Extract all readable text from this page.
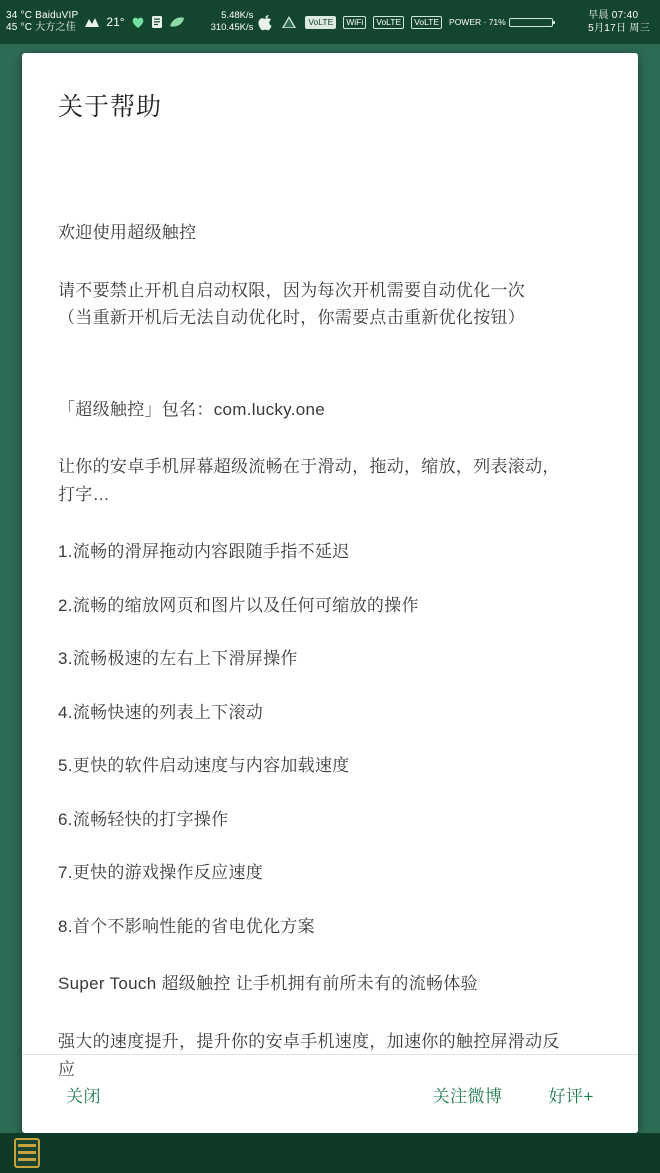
34 °C BaiduVIP
45 °C 大方之佳	21°	5.48K/s
310.45K/s
VoLTE	WiFi	VoLTE	VoLTE	POWER · 71%
早晨 07:40
5月17日 周三
关于帮助

欢迎使用超级触控

请不要禁止开机自启动权限，因为每次开机需要自动优化一次

（当重新开机后无法自动优化时，你需要点击重新优化按钮）

「超级触控」包名：com.lucky.one

让你的安卓手机屏幕超级流畅在于滑动，拖动，缩放，列表滚动，

打字…

1.流畅的滑屏拖动内容跟随手指不延迟

2.流畅的缩放网页和图片以及任何可缩放的操作

3.流畅极速的左右上下滑屏操作

4.流畅快速的列表上下滚动

5.更快的软件启动速度与内容加载速度

6.流畅轻快的打字操作

7.更快的游戏操作反应速度

8.首个不影响性能的省电优化方案

Super Touch 超级触控 让手机拥有前所未有的流畅体验

强大的速度提升，提升你的安卓手机速度，加速你的触控屏滑动反

应

关闭	关注微博	好评+
